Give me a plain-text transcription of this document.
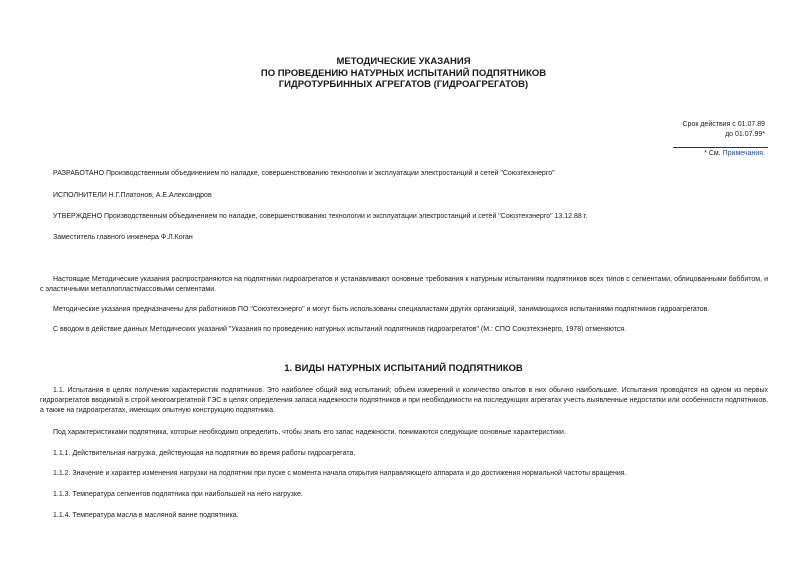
МЕТОДИЧЕСКИЕ УКАЗАНИЯ
ПО ПРОВЕДЕНИЮ НАТУРНЫХ ИСПЫТАНИЙ ПОДПЯТНИКОВ
ГИДРОТУРБИННЫХ АГРЕГАТОВ (ГИДРОАГРЕГАТОВ)
Срок действия с 01.07.89
до 01.07.99*
* См. Примечания.

РАЗРАБОТАНО Производственным объединением по наладке, совершенствованию технологии и эксплуатации электростанций и сетей "Союзтехэнерго"

ИСПОЛНИТЕЛИ Н.Г.Платонов, А.Е.Александров

УТВЕРЖДЕНО Производственным объединением по наладке, совершенствованию технологии и эксплуатации электростанций и сетей "Союзтехэнерго" 13.12.88 г.

Заместитель главного инженера Ф.Л.Коган

Настоящие Методические указания распространяются на подпятники гидроагрегатов и устанавливают основные требования к натурным испытаниям подпятников всех типов с сегментами, облицованными баббитом, и с эластичными металлопластмассовыми сегментами.

Методические указания предназначены для работников ПО "Союзтехэнерго" и могут быть использованы специалистами других организаций, занимающихся испытаниями подпятников гидроагрегатов.

С вводом в действие данных Методических указаний "Указания по проведению натурных испытаний подпятников гидроагрегатов" (М.: СПО Союзтехэнерго, 1978) отменяются.

1. ВИДЫ НАТУРНЫХ ИСПЫТАНИЙ ПОДПЯТНИКОВ

1.1. Испытания в целях получения характеристик подпятников. Это наиболее общий вид испытаний; объем измерений и количество опытов в них обычно наибольшие. Испытания проводятся на одном из первых гидроагрегатов вводимой в строй многоагрегатной ГЭС в целях определения запаса надежности подпятников и при необходимости на последующих агрегатах учесть выявленные недостатки или особенности подпятников, а также на гидроагрегатах, имеющих опытную конструкцию подпятника.

Под характеристиками подпятника, которые необходимо определить, чтобы знать его запас надежности, понимаются следующие основные характеристики.

1.1.1. Действительная нагрузка, действующая на подпятник во время работы гидроагрегата.

1.1.2. Значение и характер изменения нагрузки на подпятник при пуске с момента начала открытия направляющего аппарата и до достижения нормальной частоты вращения.

1.1.3. Температура сегментов подпятника при наибольшей на него нагрузке.

1.1.4. Температура масла в масляной ванне подпятника.
